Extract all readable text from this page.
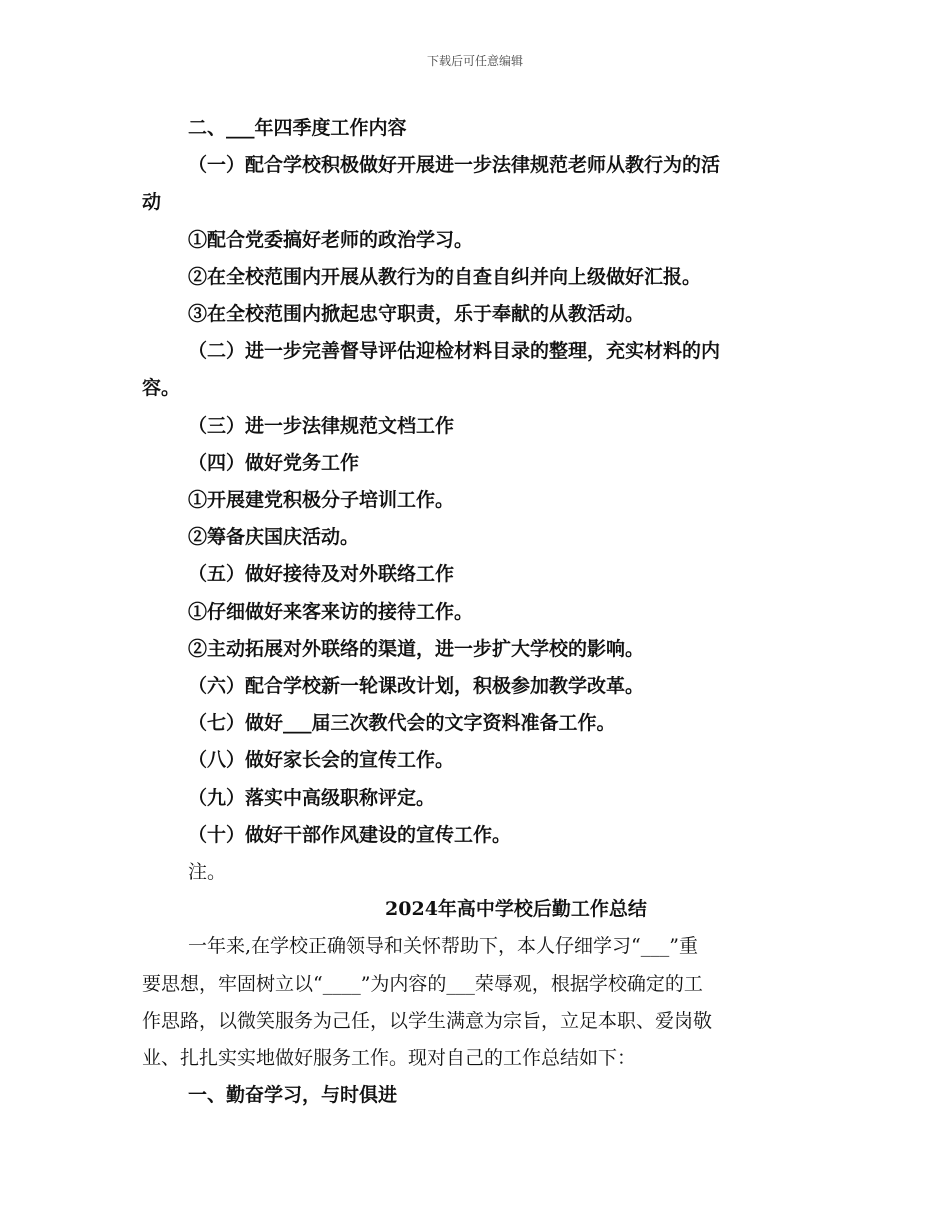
下载后可任意编辑
二、___年四季度工作内容
（一）配合学校积极做好开展进一步法律规范老师从教行为的活
动
①配合党委搞好老师的政治学习。
②在全校范围内开展从教行为的自查自纠并向上级做好汇报。
③在全校范围内掀起忠守职责，乐于奉献的从教活动。
（二）进一步完善督导评估迎检材料目录的整理，充实材料的内
容。
（三）进一步法律规范文档工作
（四）做好党务工作
①开展建党积极分子培训工作。
②筹备庆国庆活动。
（五）做好接待及对外联络工作
①仔细做好来客来访的接待工作。
②主动拓展对外联络的渠道，进一步扩大学校的影响。
（六）配合学校新一轮课改计划，积极参加教学改革。
（七）做好___届三次教代会的文字资料准备工作。
（八）做好家长会的宣传工作。
（九）落实中高级职称评定。
（十）做好干部作风建设的宣传工作。
注。
2024年高中学校后勤工作总结
一年来,在学校正确领导和关怀帮助下，本人仔细学习“___”重
要思想，牢固树立以“____”为内容的___荣辱观，根据学校确定的工
作思路，以微笑服务为己任，以学生满意为宗旨，立足本职、爱岗敬
业、扎扎实实地做好服务工作。现对自己的工作总结如下：
一、勤奋学习，与时俱进
